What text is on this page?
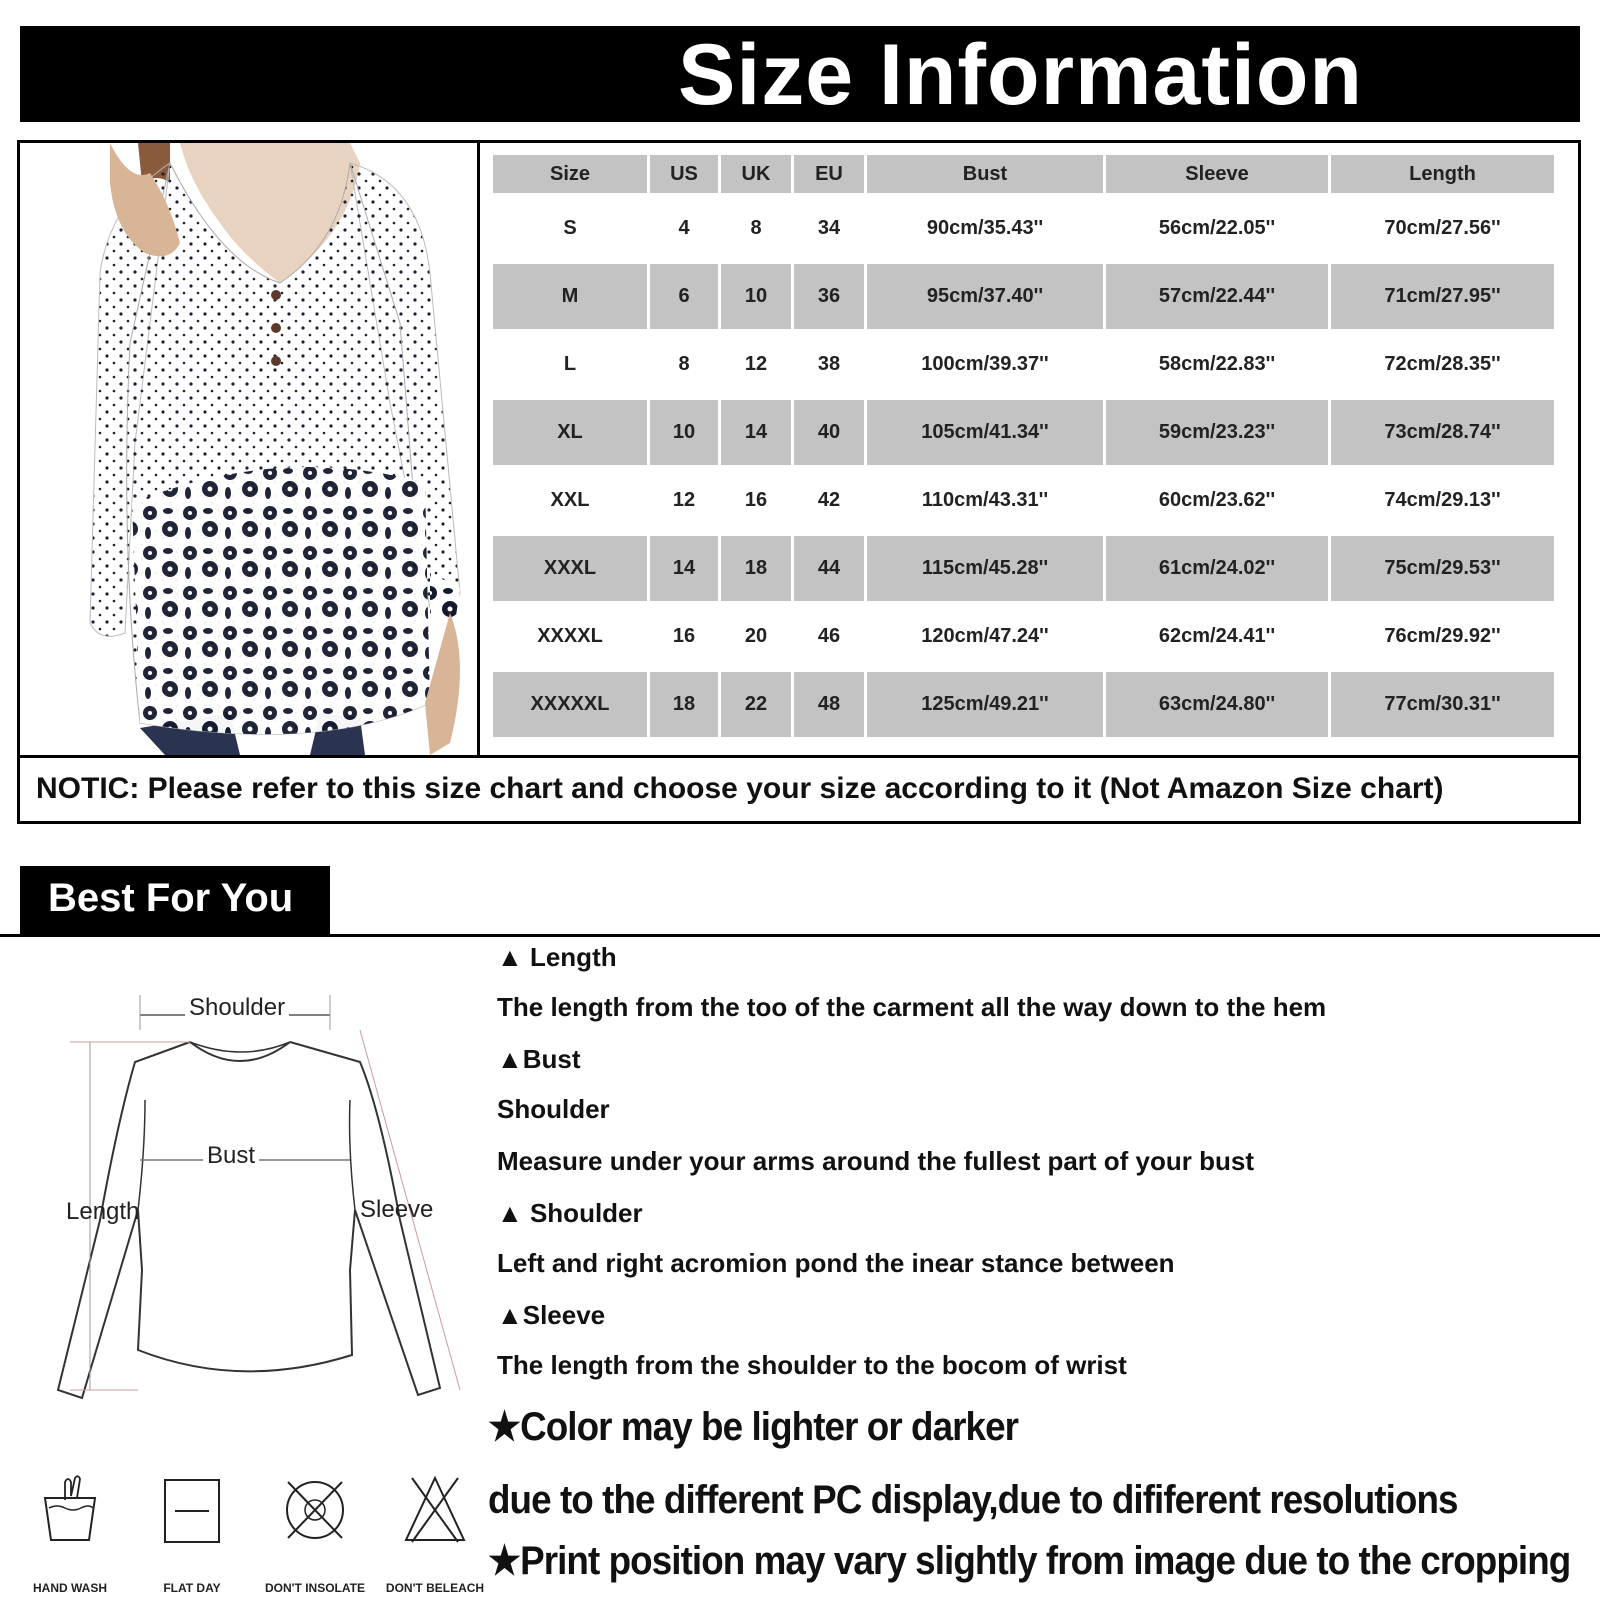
Size Information
Size	US	UK	EU	Bust	Sleeve	Length
S	4	8	34	90cm/35.43''	56cm/22.05''	70cm/27.56''
M	6	10	36	95cm/37.40''	57cm/22.44''	71cm/27.95''
L	8	12	38	100cm/39.37''	58cm/22.83''	72cm/28.35''
XL	10	14	40	105cm/41.34''	59cm/23.23''	73cm/28.74''
XXL	12	16	42	110cm/43.31''	60cm/23.62''	74cm/29.13''
XXXL	14	18	44	115cm/45.28''	61cm/24.02''	75cm/29.53''
XXXXL	16	20	46	120cm/47.24''	62cm/24.41''	76cm/29.92''
XXXXXL	18	22	48	125cm/49.21''	63cm/24.80''	77cm/30.31''
NOTIC: Please refer to this size chart and choose your size according to it (Not Amazon Size chart)
Best For You
Shoulder
Bust
Length	Sleeve
HAND WASH	FLAT DAY	DON'T INSOLATE	DON'T BELEACH
▲ Length
The length from the too of the carment all the way down to the hem
▲Bust
Shoulder
Measure under your arms around the fullest part of your bust
▲ Shoulder
Left and right acromion pond the inear stance between
▲Sleeve
The length from the shoulder to the bocom of wrist
★Color may be lighter or darker
due to the different PC display,due to dififerent resolutions
★Print position may vary slightly from image due to the cropping
